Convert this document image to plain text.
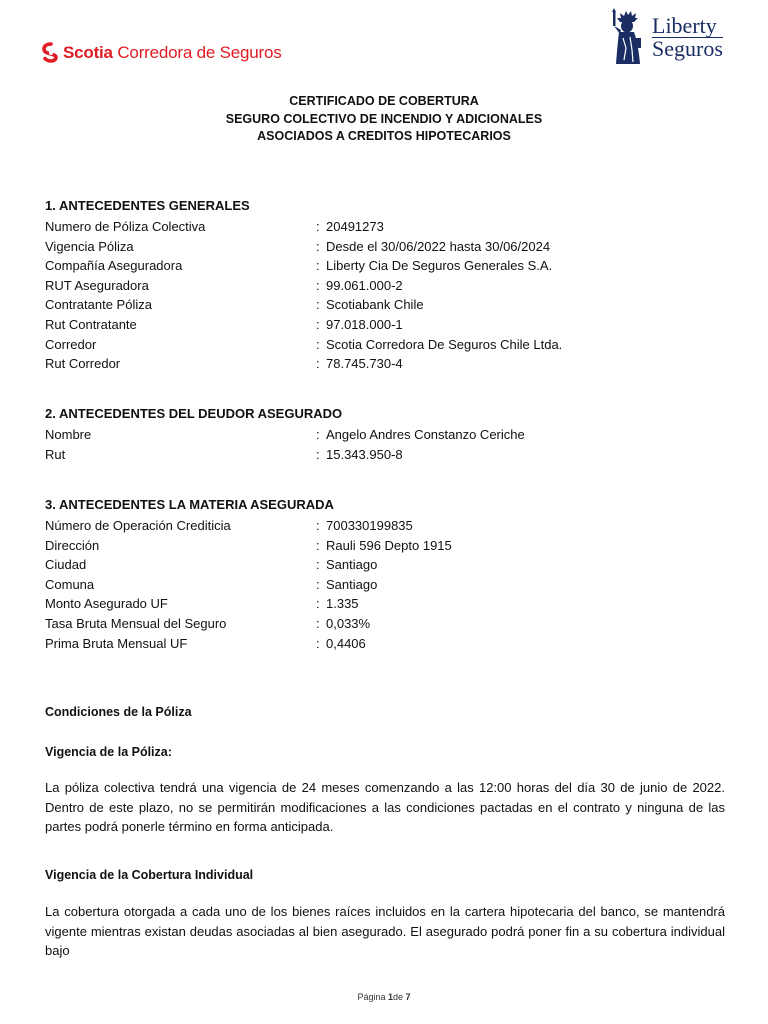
Scotia Corredora de Seguros
Liberty
Seguros
CERTIFICADO DE COBERTURA
SEGURO COLECTIVO DE INCENDIO Y ADICIONALES
ASOCIADOS A CREDITOS HIPOTECARIOS
1. ANTECEDENTES GENERALES
Numero de Póliza Colectiva	: 20491273
Vigencia Póliza	: Desde el 30/06/2022 hasta 30/06/2024
Compañía Aseguradora	: Liberty Cia De Seguros Generales S.A.
RUT Aseguradora	: 99.061.000-2
Contratante Póliza	: Scotiabank Chile
Rut Contratante	: 97.018.000-1
Corredor	: Scotia Corredora De Seguros Chile Ltda.
Rut Corredor	: 78.745.730-4
2. ANTECEDENTES DEL DEUDOR ASEGURADO
Nombre	: Angelo Andres Constanzo Ceriche
Rut	: 15.343.950-8
3. ANTECEDENTES LA MATERIA ASEGURADA
Número de Operación Crediticia	: 700330199835
Dirección	: Rauli 596 Depto 1915
Ciudad	: Santiago
Comuna	: Santiago
Monto Asegurado UF	: 1.335
Tasa Bruta Mensual del Seguro	: 0,033%
Prima Bruta Mensual UF	: 0,4406
Condiciones de la Póliza
Vigencia de la Póliza:
La póliza colectiva tendrá una vigencia de 24 meses comenzando a las 12:00 horas del día 30 de junio de 2022. Dentro de este plazo, no se permitirán modificaciones a las condiciones pactadas en el contrato y ninguna de las partes podrá ponerle término en forma anticipada.
Vigencia de la Cobertura Individual
La cobertura otorgada a cada uno de los bienes raíces incluidos en la cartera hipotecaria del banco, se mantendrá vigente mientras existan deudas asociadas al bien asegurado. El asegurado podrá poner fin a su cobertura individual bajo
Página 1de 7
